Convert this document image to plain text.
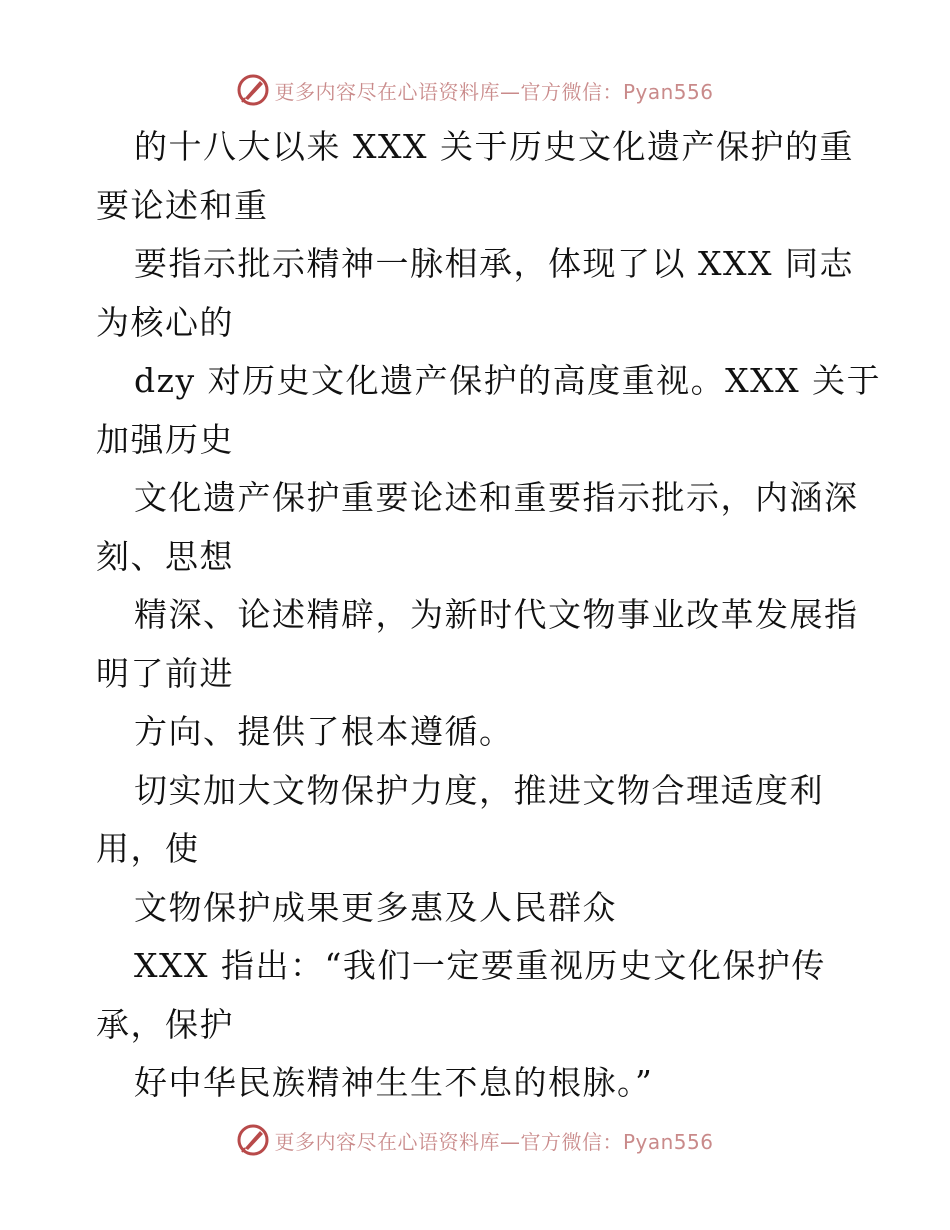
更多内容尽在心语资料库—官方微信：Pyan556
的十八大以来 XXX 关于历史文化遗产保护的重
要论述和重
要指示批示精神一脉相承，体现了以 XXX 同志
为核心的
dzy 对历史文化遗产保护的高度重视。XXX 关于
加强历史
文化遗产保护重要论述和重要指示批示，内涵深
刻、思想
精深、论述精辟，为新时代文物事业改革发展指
明了前进
方向、提供了根本遵循。
切实加大文物保护力度，推进文物合理适度利
用，使
文物保护成果更多惠及人民群众
XXX 指出：“我们一定要重视历史文化保护传
承，保护
好中华民族精神生生不息的根脉。”
更多内容尽在心语资料库—官方微信：Pyan556
